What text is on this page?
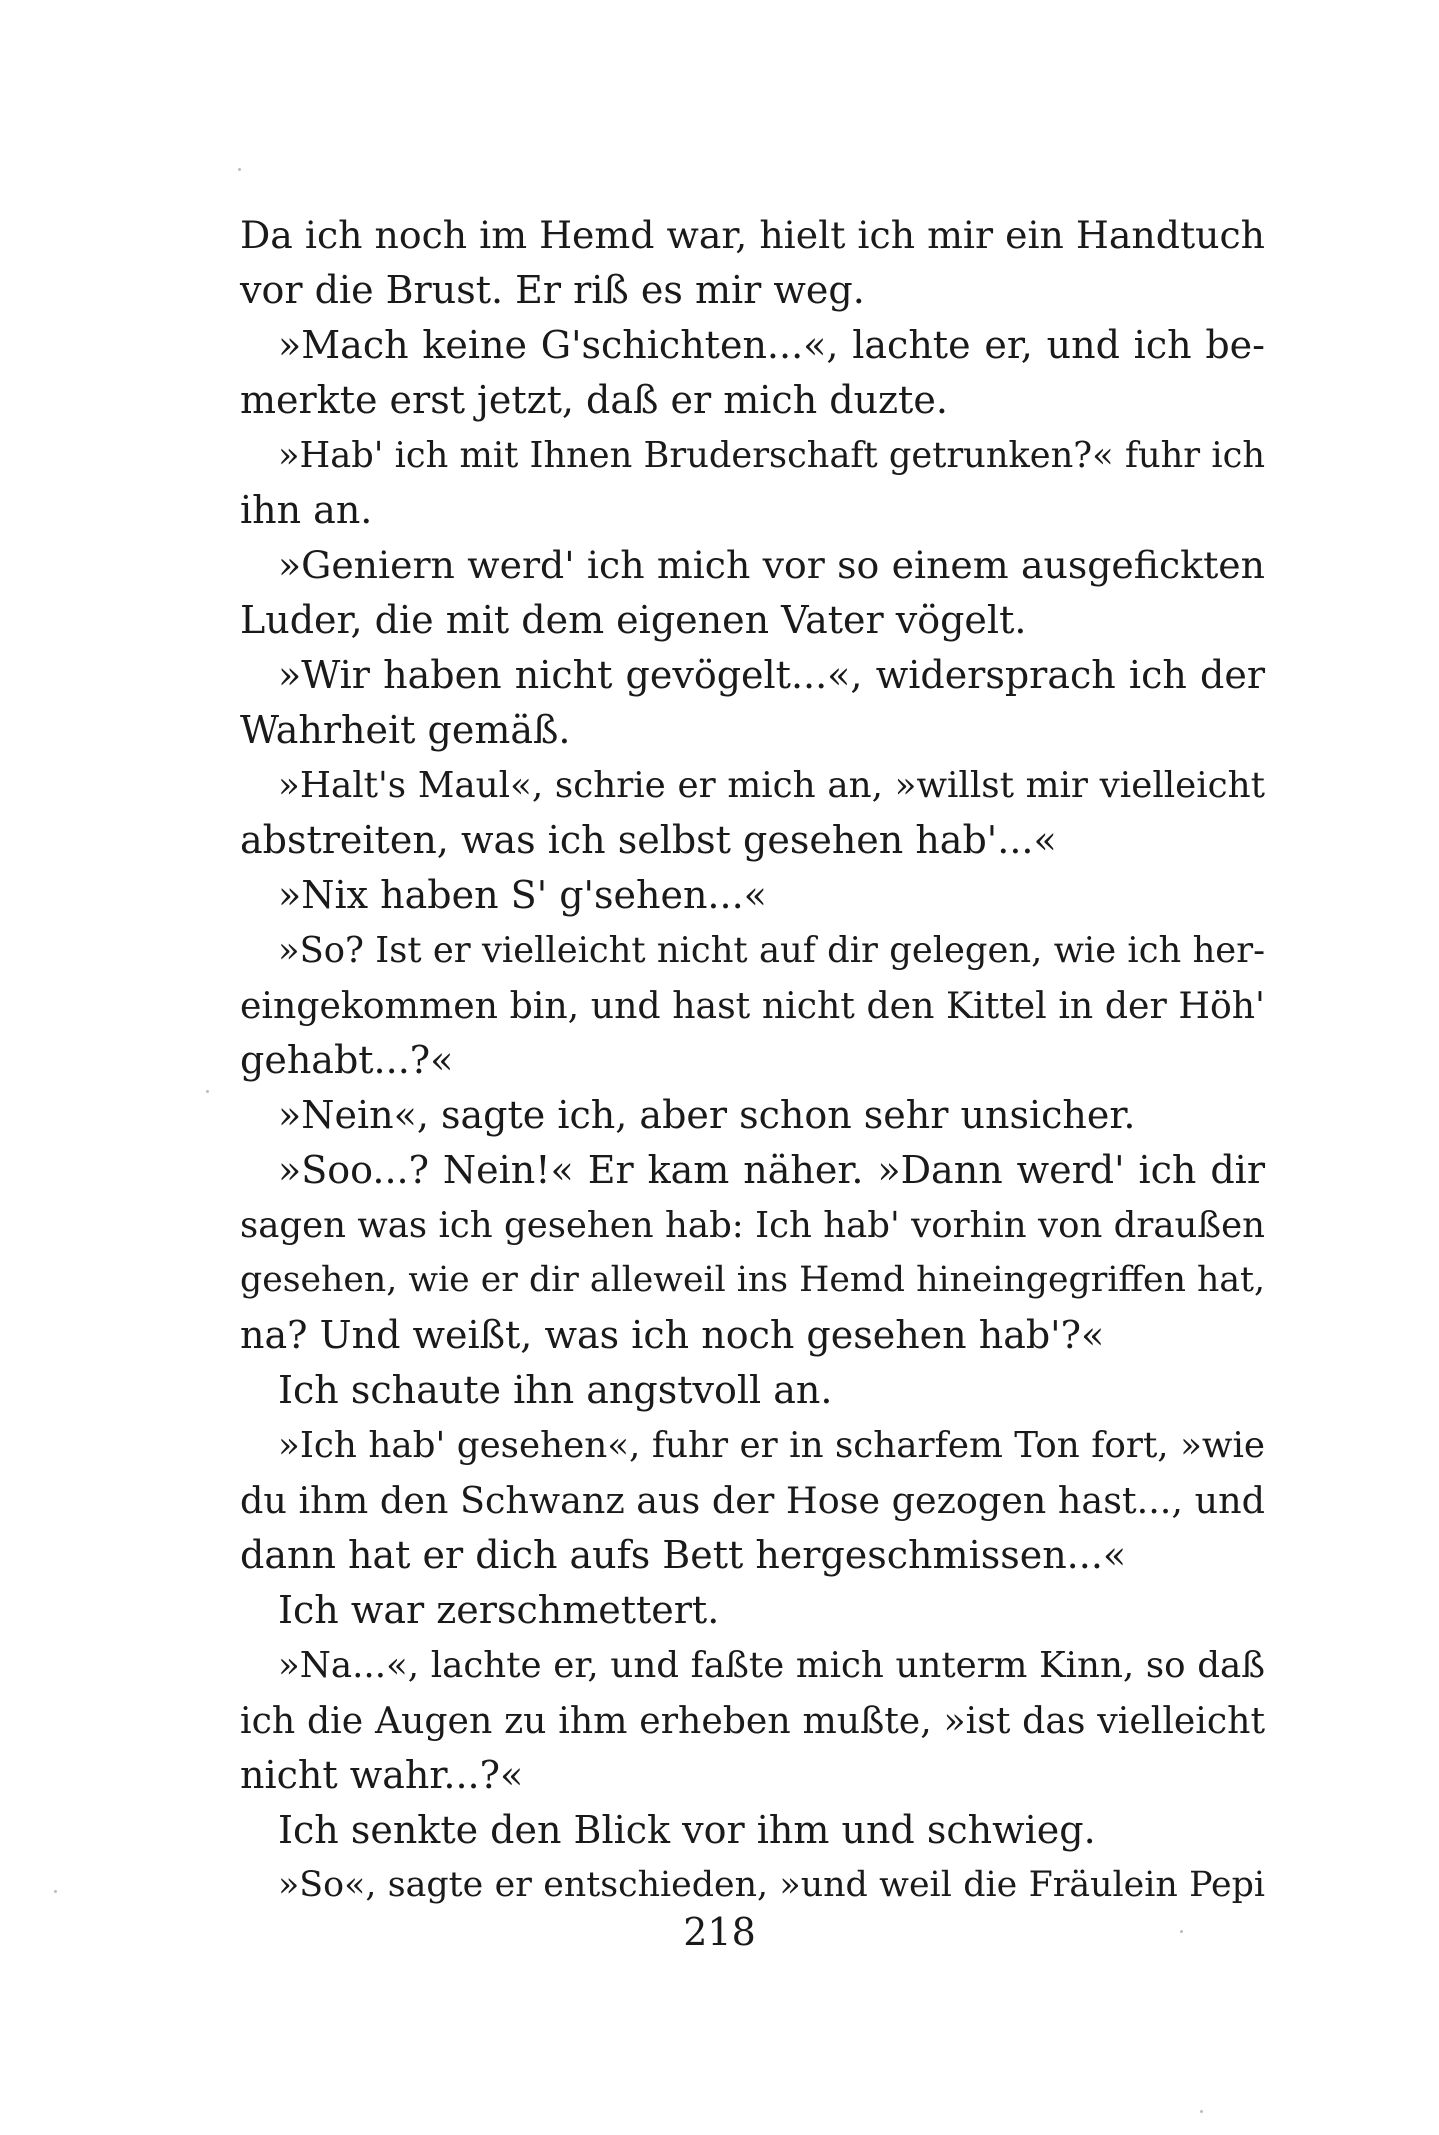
Da ich noch im Hemd war, hielt ich mir ein Handtuch
vor die Brust. Er riß es mir weg.
»Mach keine G'schichten...«, lachte er, und ich be-
merkte erst jetzt, daß er mich duzte.
»Hab' ich mit Ihnen Bruderschaft getrunken?« fuhr ich
ihn an.
»Geniern werd' ich mich vor so einem ausgefickten
Luder, die mit dem eigenen Vater vögelt.
»Wir haben nicht gevögelt...«, widersprach ich der
Wahrheit gemäß.
»Halt's Maul«, schrie er mich an, »willst mir vielleicht
abstreiten, was ich selbst gesehen hab'...«
»Nix haben S' g'sehen...«
»So? Ist er vielleicht nicht auf dir gelegen, wie ich her-
eingekommen bin, und hast nicht den Kittel in der Höh'
gehabt...?«
»Nein«, sagte ich, aber schon sehr unsicher.
»Soo...? Nein!« Er kam näher. »Dann werd' ich dir
sagen was ich gesehen hab: Ich hab' vorhin von draußen
gesehen, wie er dir alleweil ins Hemd hineingegriffen hat,
na? Und weißt, was ich noch gesehen hab'?«
Ich schaute ihn angstvoll an.
»Ich hab' gesehen«, fuhr er in scharfem Ton fort, »wie
du ihm den Schwanz aus der Hose gezogen hast..., und
dann hat er dich aufs Bett hergeschmissen...«
Ich war zerschmettert.
»Na...«, lachte er, und faßte mich unterm Kinn, so daß
ich die Augen zu ihm erheben mußte, »ist das vielleicht
nicht wahr...?«
Ich senkte den Blick vor ihm und schwieg.
»So«, sagte er entschieden, »und weil die Fräulein Pepi
218
